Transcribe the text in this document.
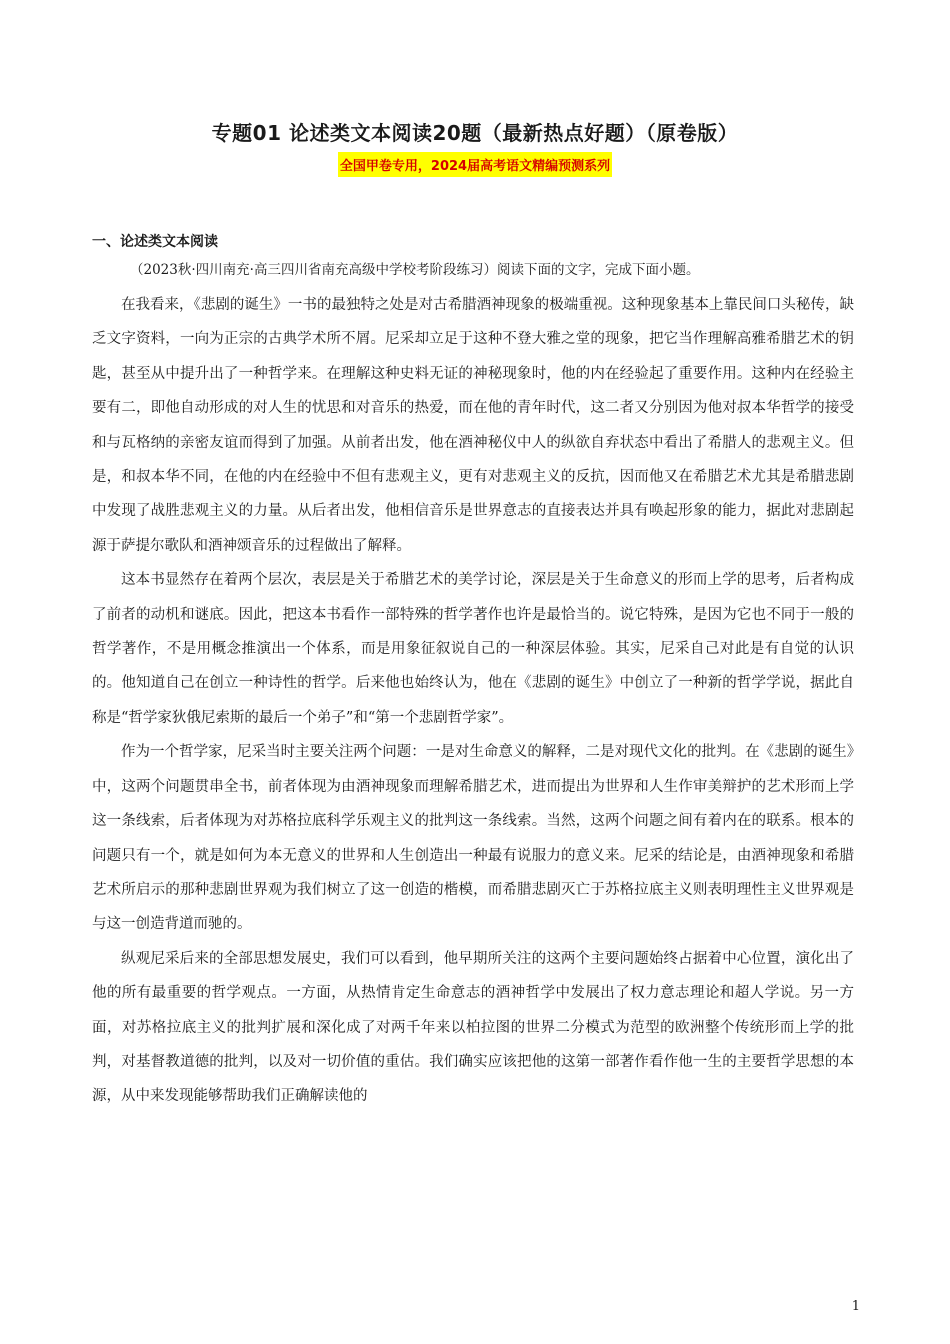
专题01 论述类文本阅读20题（最新热点好题）（原卷版）
全国甲卷专用，2024届高考语文精编预测系列
一、论述类文本阅读
（2023秋·四川南充·高三四川省南充高级中学校考阶段练习）阅读下面的文字，完成下面小题。

在我看来，《悲剧的诞生》一书的最独特之处是对古希腊酒神现象的极端重视。这种现象基本上靠民间口头秘传，缺乏文字资料，一向为正宗的古典学术所不屑。尼采却立足于这种不登大雅之堂的现象，把它当作理解高雅希腊艺术的钥匙，甚至从中提升出了一种哲学来。在理解这种史料无证的神秘现象时，他的内在经验起了重要作用。这种内在经验主要有二，即他自动形成的对人生的忧思和对音乐的热爱，而在他的青年时代，这二者又分别因为他对叔本华哲学的接受和与瓦格纳的亲密友谊而得到了加强。从前者出发，他在酒神秘仪中人的纵欲自弃状态中看出了希腊人的悲观主义。但是，和叔本华不同，在他的内在经验中不但有悲观主义，更有对悲观主义的反抗，因而他又在希腊艺术尤其是希腊悲剧中发现了战胜悲观主义的力量。从后者出发，他相信音乐是世界意志的直接表达并具有唤起形象的能力，据此对悲剧起源于萨提尔歌队和酒神颂音乐的过程做出了解释。

这本书显然存在着两个层次，表层是关于希腊艺术的美学讨论，深层是关于生命意义的形而上学的思考，后者构成了前者的动机和谜底。因此，把这本书看作一部特殊的哲学著作也许是最恰当的。说它特殊，是因为它也不同于一般的哲学著作，不是用概念推演出一个体系，而是用象征叙说自己的一种深层体验。其实，尼采自己对此是有自觉的认识的。他知道自己在创立一种诗性的哲学。后来他也始终认为，他在《悲剧的诞生》中创立了一种新的哲学学说，据此自称是“哲学家狄俄尼索斯的最后一个弟子”和“第一个悲剧哲学家”。

作为一个哲学家，尼采当时主要关注两个问题：一是对生命意义的解释，二是对现代文化的批判。在《悲剧的诞生》中，这两个问题贯串全书，前者体现为由酒神现象而理解希腊艺术，进而提出为世界和人生作审美辩护的艺术形而上学这一条线索，后者体现为对苏格拉底科学乐观主义的批判这一条线索。当然，这两个问题之间有着内在的联系。根本的问题只有一个，就是如何为本无意义的世界和人生创造出一种最有说服力的意义来。尼采的结论是，由酒神现象和希腊艺术所启示的那种悲剧世界观为我们树立了这一创造的楷模，而希腊悲剧灭亡于苏格拉底主义则表明理性主义世界观是与这一创造背道而驰的。

纵观尼采后来的全部思想发展史，我们可以看到，他早期所关注的这两个主要问题始终占据着中心位置，演化出了他的所有最重要的哲学观点。一方面，从热情肯定生命意志的酒神哲学中发展出了权力意志理论和超人学说。另一方面，对苏格拉底主义的批判扩展和深化成了对两千年来以柏拉图的世界二分模式为范型的欧洲整个传统形而上学的批判，对基督教道德的批判，以及对一切价值的重估。我们确实应该把他的这第一部著作看作他一生的主要哲学思想的本源，从中来发现能够帮助我们正确解读他的

1
